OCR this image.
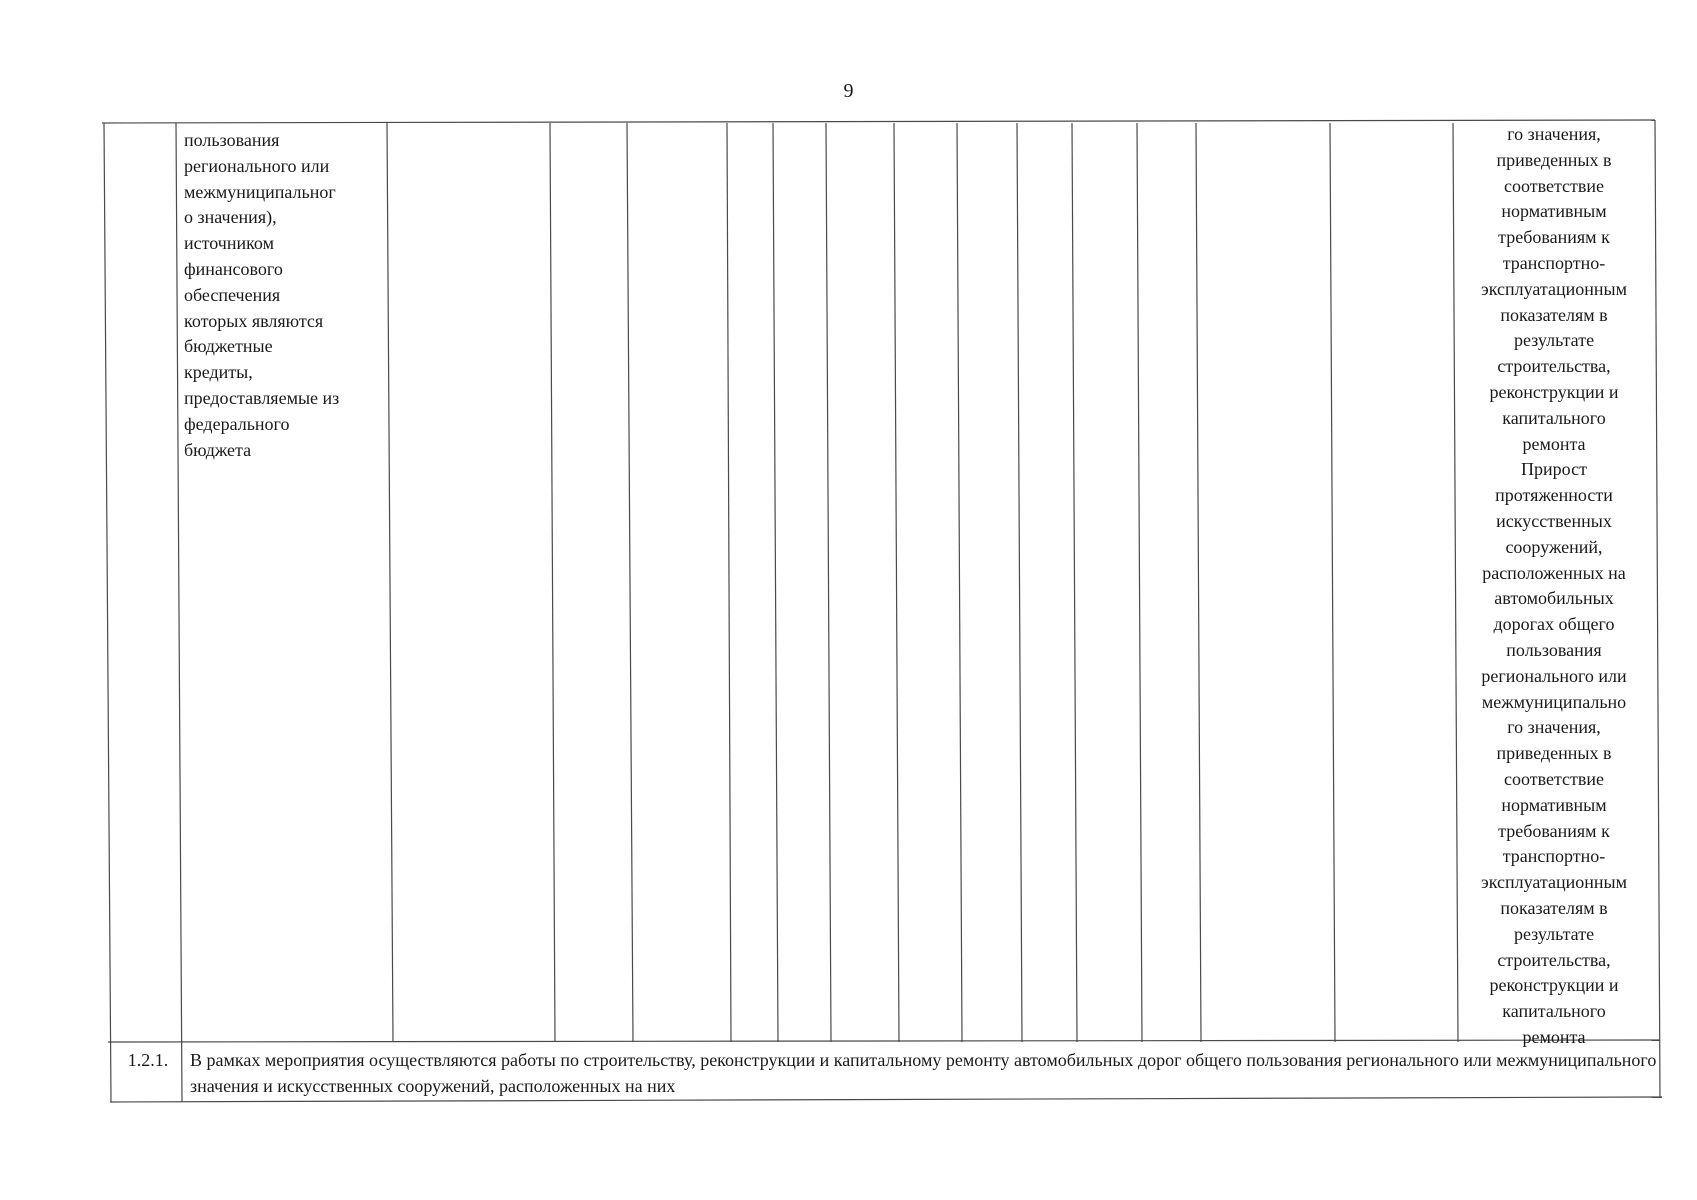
9
пользования
регионального или
межмуниципальног
о значения),
источником
финансового
обеспечения
которых являются
бюджетные
кредиты,
предоставляемые из
федерального
бюджета
го значения,
приведенных в
соответствие
нормативным
требованиям к
транспортно-
эксплуатационным
показателям в
результате
строительства,
реконструкции и
капитального
ремонта
Прирост
протяженности
искусственных
сооружений,
расположенных на
автомобильных
дорогах общего
пользования
регионального или
межмуниципально
го значения,
приведенных в
соответствие
нормативным
требованиям к
транспортно-
эксплуатационным
показателям в
результате
строительства,
реконструкции и
капитального
ремонта
1.2.1.	В рамках мероприятия осуществляются работы по строительству, реконструкции и капитальному ремонту автомобильных дорог общего пользования регионального или межмуниципального значения и искусственных сооружений, расположенных на них
